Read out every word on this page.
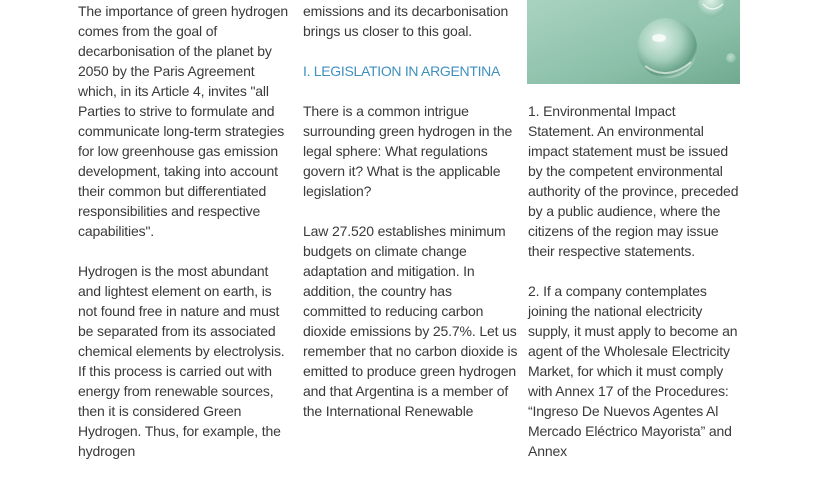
The importance of green hydrogen comes from the goal of decarbonisation of the planet by 2050 by the Paris Agreement which, in its Article 4, invites "all Parties to strive to formulate and communicate long-term strategies for low greenhouse gas emission development, taking into account their common but differentiated responsibilities and respective capabilities".

Hydrogen is the most abundant and lightest element on earth, is not found free in nature and must be separated from its associated chemical elements by electrolysis. If this process is carried out with energy from renewable sources, then it is considered Green Hydrogen. Thus, for example, the hydrogen

emissions and its decarbonisation brings us closer to this goal.

I. LEGISLATION IN ARGENTINA

There is a common intrigue surrounding green hydrogen in the legal sphere: What regulations govern it? What is the applicable legislation?

Law 27.520 establishes minimum budgets on climate change adaptation and mitigation. In addition, the country has committed to reducing carbon dioxide emissions by 25.7%. Let us remember that no carbon dioxide is emitted to produce green hydrogen and that Argentina is a member of the International Renewable

1. Environmental Impact Statement. An environmental impact statement must be issued by the competent environmental authority of the province, preceded by a public audience, where the citizens of the region may issue their respective statements.

2. If a company contemplates joining the national electricity supply, it must apply to become an agent of the Wholesale Electricity Market, for which it must comply with Annex 17 of the Procedures: “Ingreso De Nuevos Agentes Al Mercado Eléctrico Mayorista” and Annex
